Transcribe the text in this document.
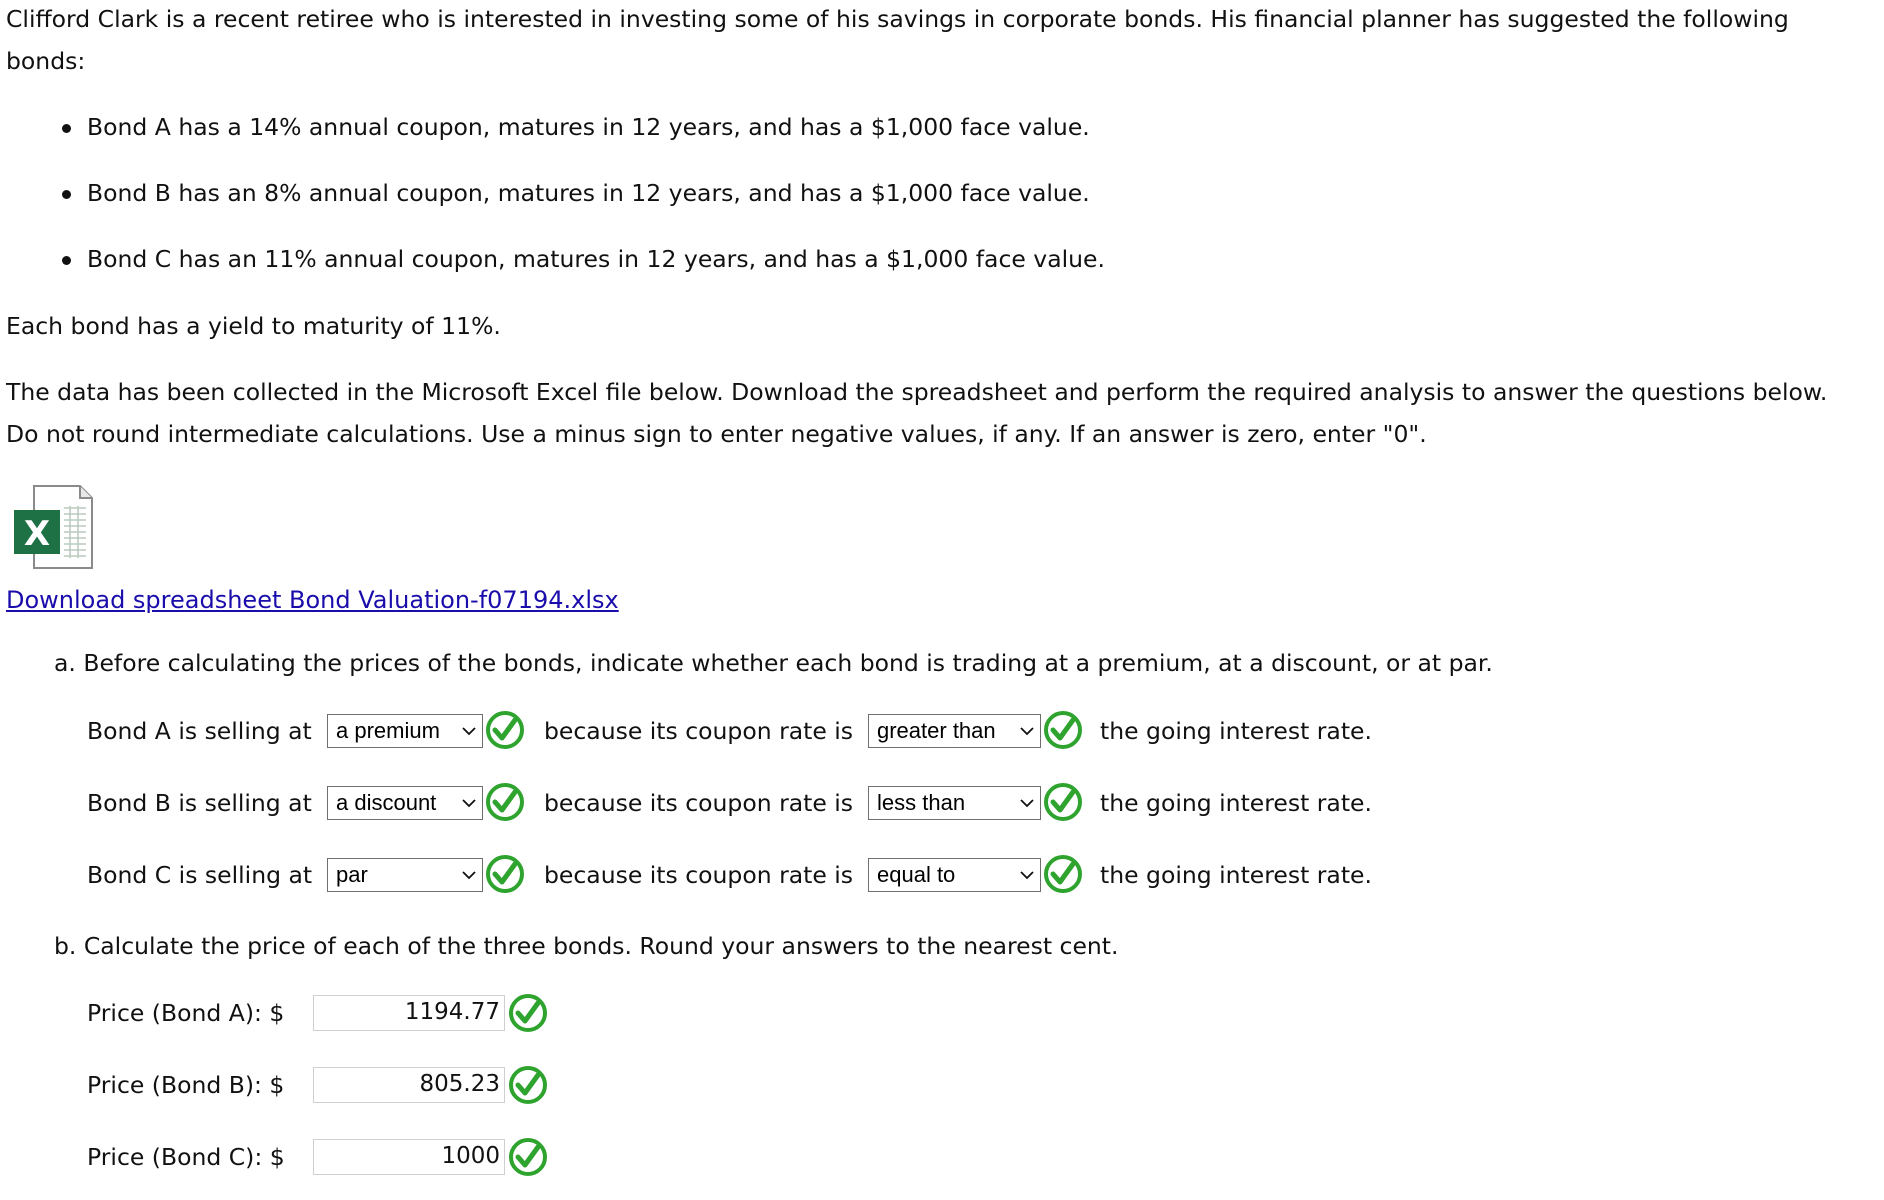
Clifford Clark is a recent retiree who is interested in investing some of his savings in corporate bonds. His financial planner has suggested the following
bonds:
Bond A has a 14% annual coupon, matures in 12 years, and has a $1,000 face value.
Bond B has an 8% annual coupon, matures in 12 years, and has a $1,000 face value.
Bond C has an 11% annual coupon, matures in 12 years, and has a $1,000 face value.
Each bond has a yield to maturity of 11%.
The data has been collected in the Microsoft Excel file below. Download the spreadsheet and perform the required analysis to answer the questions below.
Do not round intermediate calculations. Use a minus sign to enter negative values, if any. If an answer is zero, enter "0".
X
Download spreadsheet Bond Valuation-f07194.xlsx
a. Before calculating the prices of the bonds, indicate whether each bond is trading at a premium, at a discount, or at par.
Bond A is selling at	a premium	because its coupon rate is	greater than	the going interest rate.
Bond B is selling at	a discount	because its coupon rate is	less than	the going interest rate.
Bond C is selling at	par	because its coupon rate is	equal to	the going interest rate.
b. Calculate the price of each of the three bonds. Round your answers to the nearest cent.
Price (Bond A): $	1194.77
Price (Bond B): $	805.23
Price (Bond C): $	1000
